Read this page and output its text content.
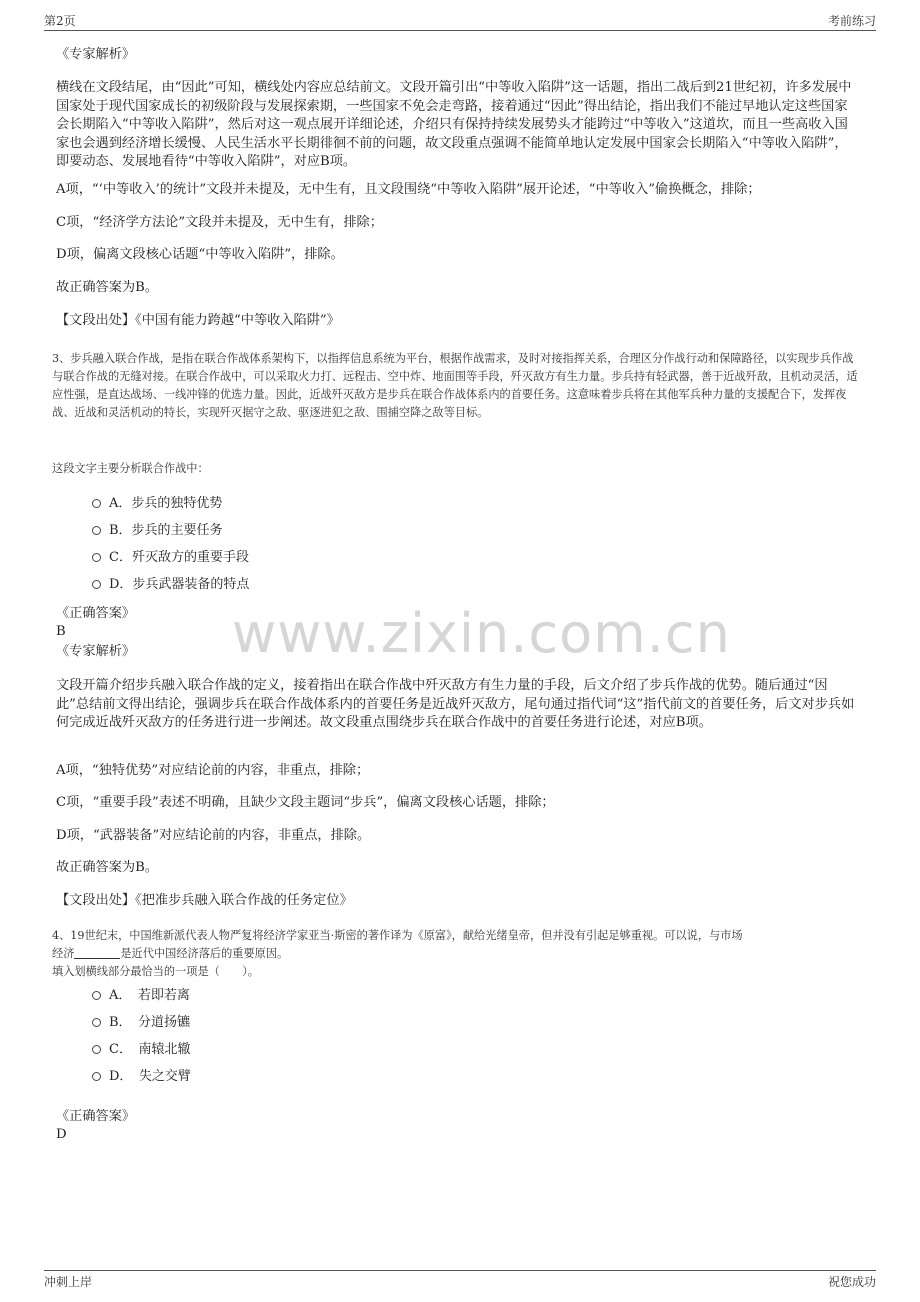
第2页	考前练习
www.zixin.com.cn
《专家解析》
横线在文段结尾，由“因此”可知，横线处内容应总结前文。文段开篇引出“中等收入陷阱”这一话题，指出二战后到21世纪初，许多发展中国家处于现代国家成长的初级阶段与发展探索期，一些国家不免会走弯路，接着通过“因此”得出结论，指出我们不能过早地认定这些国家会长期陷入“中等收入陷阱”，然后对这一观点展开详细论述，介绍只有保持持续发展势头才能跨过“中等收入”这道坎，而且一些高收入国家也会遇到经济增长缓慢、人民生活水平长期徘徊不前的问题，故文段重点强调不能简单地认定发展中国家会长期陷入“中等收入陷阱”，即要动态、发展地看待“中等收入陷阱”，对应B项。
A项，“‘中等收入’的统计”文段并未提及，无中生有，且文段围绕“中等收入陷阱”展开论述，“中等收入”偷换概念，排除；
C项，“经济学方法论”文段并未提及，无中生有，排除；
D项，偏离文段核心话题“中等收入陷阱”，排除。
故正确答案为B。
【文段出处】《中国有能力跨越“中等收入陷阱”》
3、步兵融入联合作战，是指在联合作战体系架构下，以指挥信息系统为平台，根据作战需求，及时对接指挥关系，合理区分作战行动和保障路径，以实现步兵作战与联合作战的无缝对接。在联合作战中，可以采取火力打、远程击、空中炸、地面围等手段，歼灭敌方有生力量。步兵持有轻武器，善于近战歼敌，且机动灵活，适应性强，是直达战场、一线冲锋的优选力量。因此，近战歼灭敌方是步兵在联合作战体系内的首要任务。这意味着步兵将在其他军兵种力量的支援配合下，发挥夜战、近战和灵活机动的特长，实现歼灭据守之敌、驱逐进犯之敌、围捕空降之敌等目标。
这段文字主要分析联合作战中：
A．步兵的独特优势
B．步兵的主要任务
C．歼灭敌方的重要手段
D．步兵武器装备的特点
《正确答案》
B
《专家解析》
文段开篇介绍步兵融入联合作战的定义，接着指出在联合作战中歼灭敌方有生力量的手段，后文介绍了步兵作战的优势。随后通过“因此”总结前文得出结论，强调步兵在联合作战体系内的首要任务是近战歼灭敌方，尾句通过指代词“这”指代前文的首要任务，后文对步兵如何完成近战歼灭敌方的任务进行进一步阐述。故文段重点围绕步兵在联合作战中的首要任务进行论述，对应B项。
A项，“独特优势”对应结论前的内容，非重点，排除；
C项，“重要手段”表述不明确，且缺少文段主题词“步兵”，偏离文段核心话题，排除；
D项，“武器装备”对应结论前的内容，非重点，排除。
故正确答案为B。
【文段出处】《把准步兵融入联合作战的任务定位》
4、19世纪末，中国维新派代表人物严复将经济学家亚当·斯密的著作译为《原富》，献给光绪皇帝，但并没有引起足够重视。可以说，与市场
经济	是近代中国经济落后的重要原因。
填入划横线部分最恰当的一项是（　　）。
A．　若即若离
B．　分道扬镳
C．　南辕北辙
D．　失之交臂
《正确答案》
D
冲刺上岸	祝您成功
